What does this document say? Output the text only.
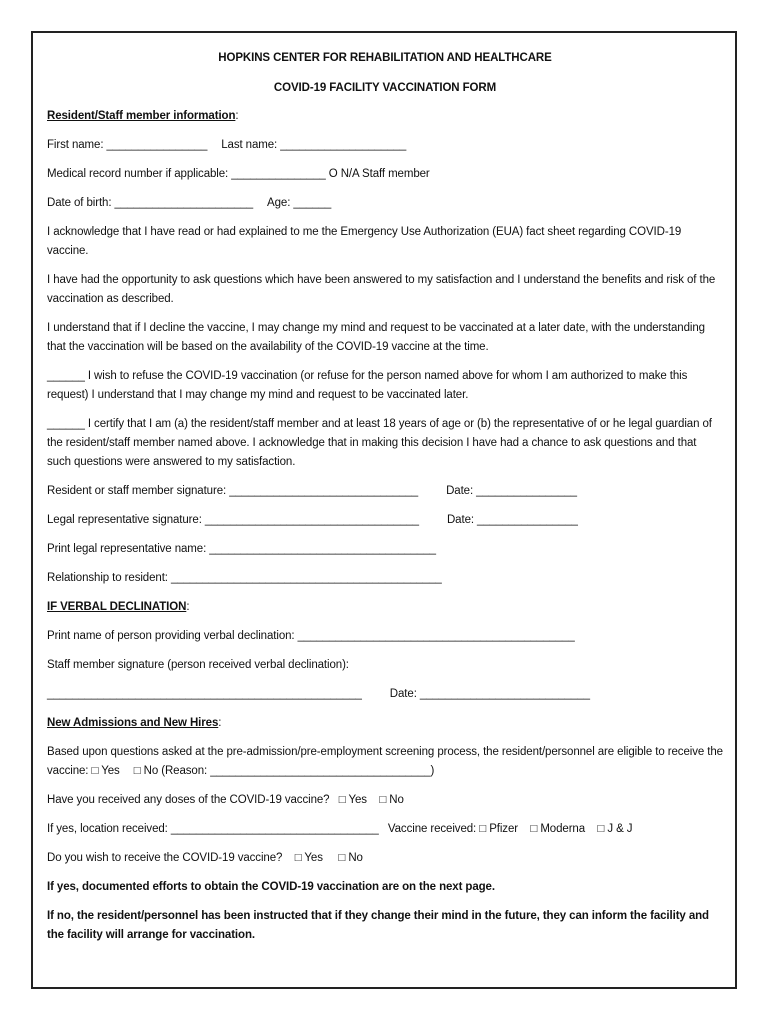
HOPKINS CENTER FOR REHABILITATION AND HEALTHCARE
COVID-19 FACILITY VACCINATION FORM
Resident/Staff member information:
First name: ________________ Last name: ____________________
Medical record number if applicable: _______________ O N/A Staff member
Date of birth: ______________________ Age: ______
I acknowledge that I have read or had explained to me the Emergency Use Authorization (EUA) fact sheet regarding COVID-19 vaccine.
I have had the opportunity to ask questions which have been answered to my satisfaction and I understand the benefits and risk of the vaccination as described.
I understand that if I decline the vaccine, I may change my mind and request to be vaccinated at a later date, with the understanding that the vaccination will be based on the availability of the COVID-19 vaccine at the time.
______ I wish to refuse the COVID-19 vaccination (or refuse for the person named above for whom I am authorized to make this request) I understand that I may change my mind and request to be vaccinated later.
______ I certify that I am (a) the resident/staff member and at least 18 years of age or (b) the representative of or he legal guardian of the resident/staff member named above. I acknowledge that in making this decision I have had a chance to ask questions and that such questions were answered to my satisfaction.
Resident or staff member signature: ______________________________ Date: ________________
Legal representative signature: __________________________________ Date: ________________
Print legal representative name: ____________________________________
Relationship to resident: ___________________________________________
IF VERBAL DECLINATION:
Print name of person providing verbal declination: ____________________________________________
Staff member signature (person received verbal declination):
__________________________________________________ Date: ___________________________
New Admissions and New Hires:
Based upon questions asked at the pre-admission/pre-employment screening process, the resident/personnel are eligible to receive the vaccine: □ Yes □ No (Reason: ___________________________________)
Have you received any doses of the COVID-19 vaccine? □ Yes □ No
If yes, location received: _________________________________ Vaccine received: □ Pfizer □ Moderna □ J & J
Do you wish to receive the COVID-19 vaccine? □ Yes □ No
If yes, documented efforts to obtain the COVID-19 vaccination are on the next page.
If no, the resident/personnel has been instructed that if they change their mind in the future, they can inform the facility and the facility will arrange for vaccination.
